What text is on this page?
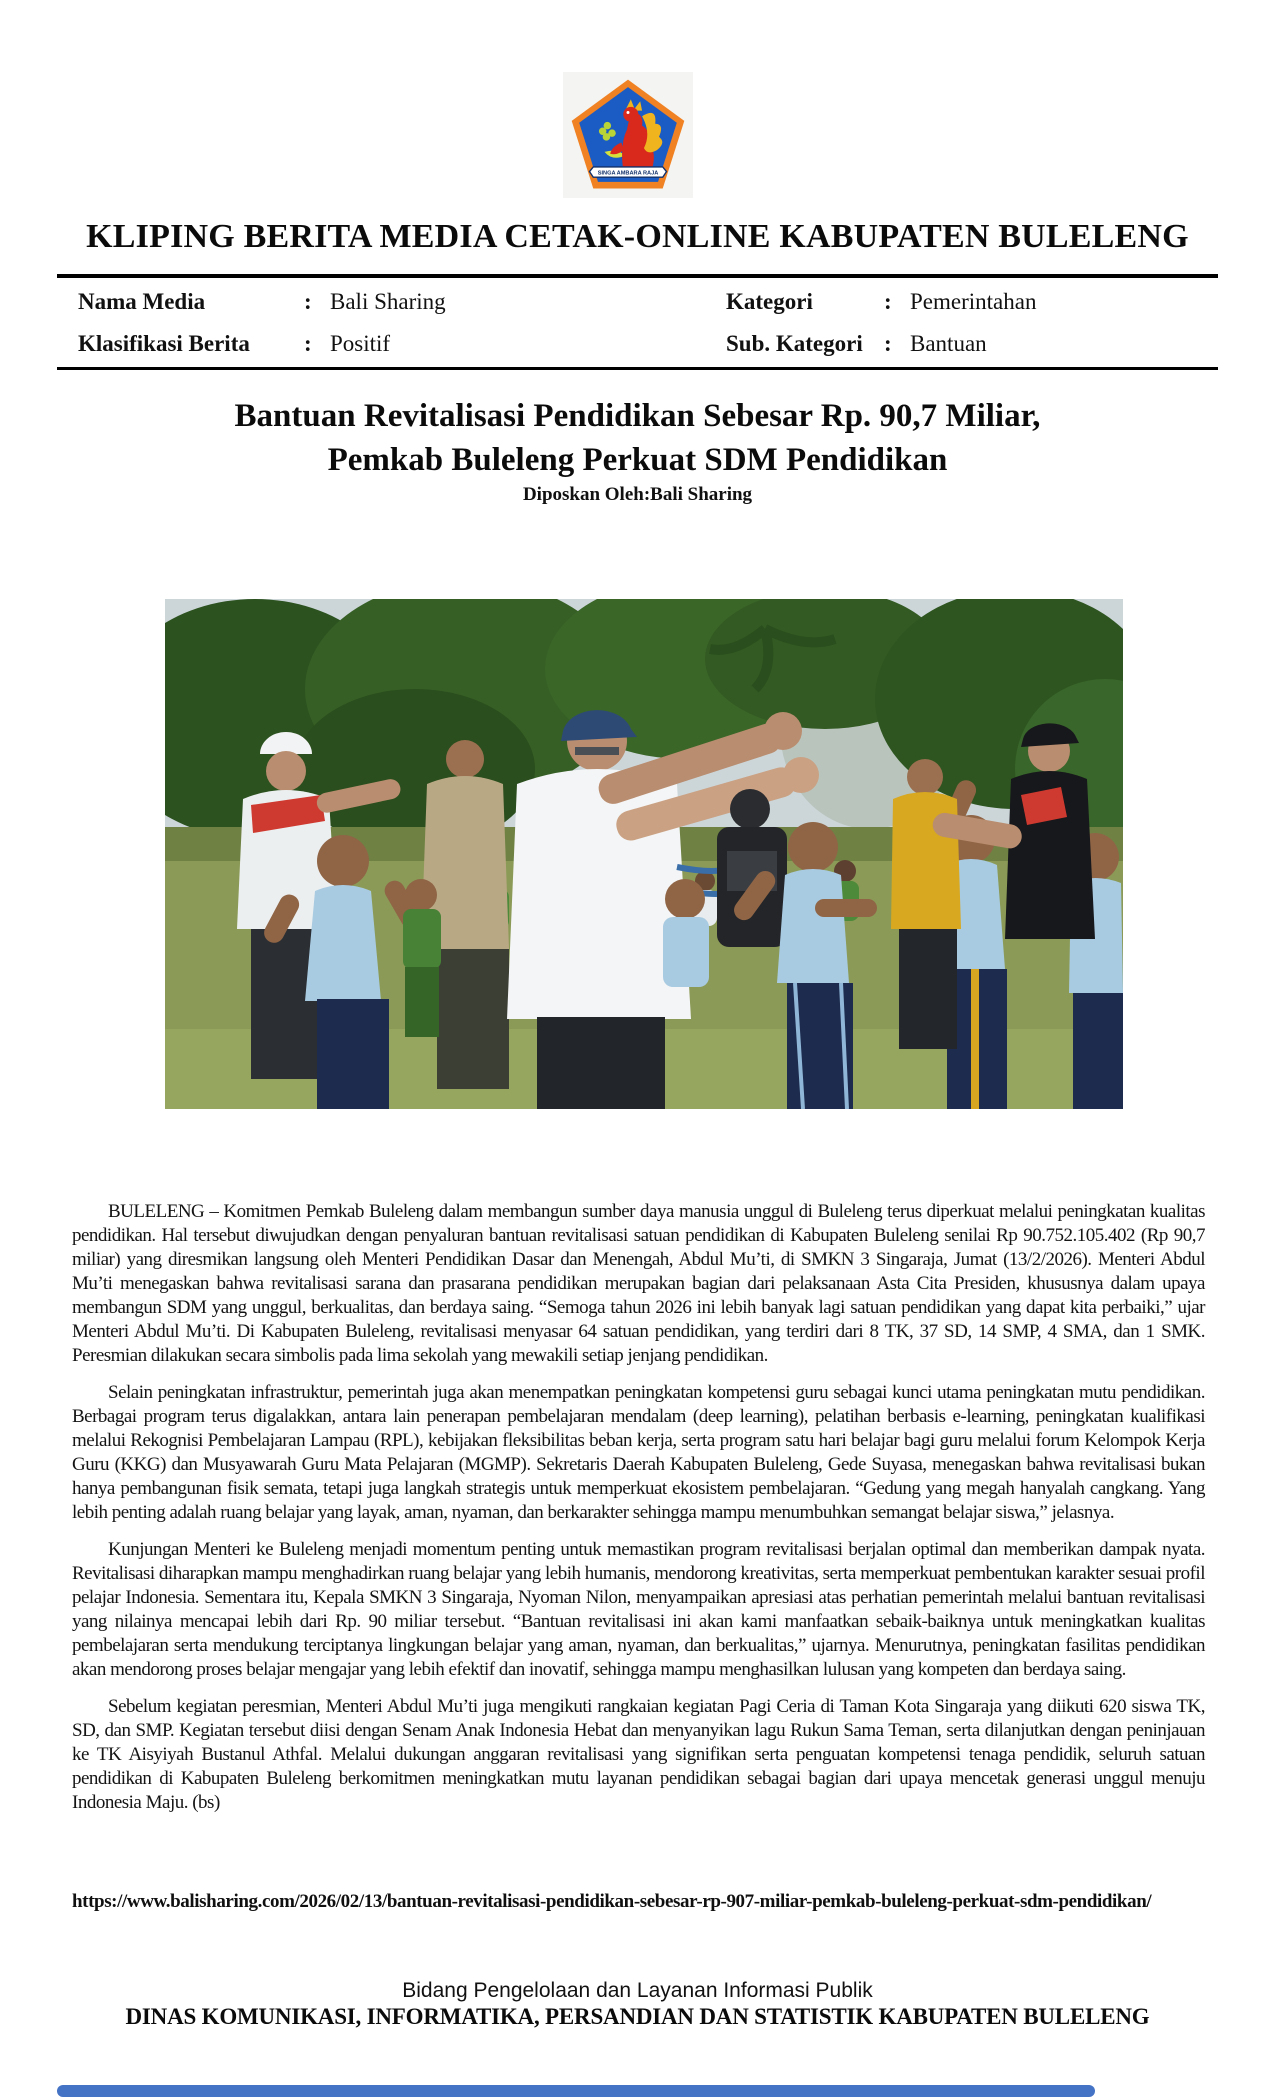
SINGA AMBARA RAJA
KLIPING BERITA MEDIA CETAK-ONLINE KABUPATEN BULELENG
Nama Media	: Bali Sharing	Kategori	: Pemerintahan
Klasifikasi Berita	: Positif	Sub. Kategori : Bantuan
Bantuan Revitalisasi Pendidikan Sebesar Rp. 90,7 Miliar,
Pemkab Buleleng Perkuat SDM Pendidikan
Diposkan Oleh:Bali Sharing

BULELENG – Komitmen Pemkab Buleleng dalam membangun sumber daya manusia unggul di Buleleng terus diperkuat melalui peningkatan kualitas pendidikan. Hal tersebut diwujudkan dengan penyaluran bantuan revitalisasi satuan pendidikan di Kabupaten Buleleng senilai Rp 90.752.105.402 (Rp 90,7 miliar) yang diresmikan langsung oleh Menteri Pendidikan Dasar dan Menengah, Abdul Mu’ti, di SMKN 3 Singaraja, Jumat (13/2/2026). Menteri Abdul Mu’ti menegaskan bahwa revitalisasi sarana dan prasarana pendidikan merupakan bagian dari pelaksanaan Asta Cita Presiden, khususnya dalam upaya membangun SDM yang unggul, berkualitas, dan berdaya saing. “Semoga tahun 2026 ini lebih banyak lagi satuan pendidikan yang dapat kita perbaiki,” ujar Menteri Abdul Mu’ti. Di Kabupaten Buleleng, revitalisasi menyasar 64 satuan pendidikan, yang terdiri dari 8 TK, 37 SD, 14 SMP, 4 SMA, dan 1 SMK. Peresmian dilakukan secara simbolis pada lima sekolah yang mewakili setiap jenjang pendidikan.

Selain peningkatan infrastruktur, pemerintah juga akan menempatkan peningkatan kompetensi guru sebagai kunci utama peningkatan mutu pendidikan. Berbagai program terus digalakkan, antara lain penerapan pembelajaran mendalam (deep learning), pelatihan berbasis e-learning, peningkatan kualifikasi melalui Rekognisi Pembelajaran Lampau (RPL), kebijakan fleksibilitas beban kerja, serta program satu hari belajar bagi guru melalui forum Kelompok Kerja Guru (KKG) dan Musyawarah Guru Mata Pelajaran (MGMP). Sekretaris Daerah Kabupaten Buleleng, Gede Suyasa, menegaskan bahwa revitalisasi bukan hanya pembangunan fisik semata, tetapi juga langkah strategis untuk memperkuat ekosistem pembelajaran. “Gedung yang megah hanyalah cangkang. Yang lebih penting adalah ruang belajar yang layak, aman, nyaman, dan berkarakter sehingga mampu menumbuhkan semangat belajar siswa,” jelasnya.

Kunjungan Menteri ke Buleleng menjadi momentum penting untuk memastikan program revitalisasi berjalan optimal dan memberikan dampak nyata. Revitalisasi diharapkan mampu menghadirkan ruang belajar yang lebih humanis, mendorong kreativitas, serta memperkuat pembentukan karakter sesuai profil pelajar Indonesia. Sementara itu, Kepala SMKN 3 Singaraja, Nyoman Nilon, menyampaikan apresiasi atas perhatian pemerintah melalui bantuan revitalisasi yang nilainya mencapai lebih dari Rp. 90 miliar tersebut. “Bantuan revitalisasi ini akan kami manfaatkan sebaik-baiknya untuk meningkatkan kualitas pembelajaran serta mendukung terciptanya lingkungan belajar yang aman, nyaman, dan berkualitas,” ujarnya. Menurutnya, peningkatan fasilitas pendidikan akan mendorong proses belajar mengajar yang lebih efektif dan inovatif, sehingga mampu menghasilkan lulusan yang kompeten dan berdaya saing.

Sebelum kegiatan peresmian, Menteri Abdul Mu’ti juga mengikuti rangkaian kegiatan Pagi Ceria di Taman Kota Singaraja yang diikuti 620 siswa TK, SD, dan SMP. Kegiatan tersebut diisi dengan Senam Anak Indonesia Hebat dan menyanyikan lagu Rukun Sama Teman, serta dilanjutkan dengan peninjauan ke TK Aisyiyah Bustanul Athfal. Melalui dukungan anggaran revitalisasi yang signifikan serta penguatan kompetensi tenaga pendidik, seluruh satuan pendidikan di Kabupaten Buleleng berkomitmen meningkatkan mutu layanan pendidikan sebagai bagian dari upaya mencetak generasi unggul menuju Indonesia Maju. (bs)

https://www.balisharing.com/2026/02/13/bantuan-revitalisasi-pendidikan-sebesar-rp-907-miliar-pemkab-buleleng-perkuat-sdm-pendidikan/
Bidang Pengelolaan dan Layanan Informasi Publik
DINAS KOMUNIKASI, INFORMATIKA, PERSANDIAN DAN STATISTIK KABUPATEN BULELENG
